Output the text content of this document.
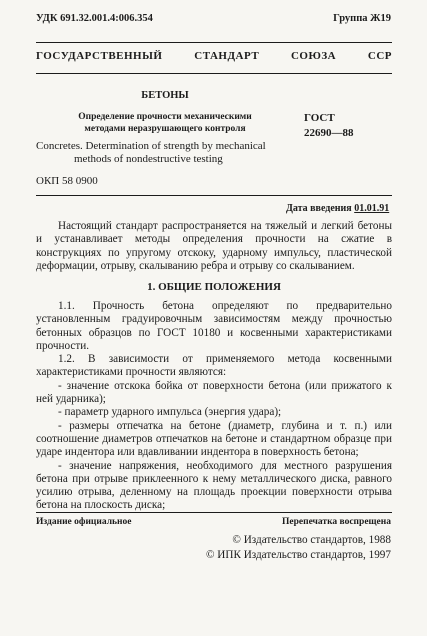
УДК 691.32.001.4:006.354	Группа Ж19
ГОСУДАРСТВЕННЫЙ СТАНДАРТ СОЮЗА ССР
БЕТОНЫ
Определение прочности механическими методами неразрушающего контроля
ГОСТ
22690—88
Concretes. Determination of strength by mechanical
methods of nondestructive testing
ОКП 58 0900
Дата введения 01.01.91

Настоящий стандарт распространяется на тяжелый и легкий бетоны и устанавливает методы определения прочности на сжатие в конструкциях по упругому отскоку, ударному импульсу, пластической деформации, отрыву, скалыванию ребра и отрыву со скалыванием.

1. ОБЩИЕ ПОЛОЖЕНИЯ

1.1. Прочность бетона определяют по предварительно установленным градуировочным зависимостям между прочностью бетонных образцов по ГОСТ 10180 и косвенными характеристиками прочности.

1.2. В зависимости от применяемого метода косвенными характеристиками прочности являются:

- значение отскока бойка от поверхности бетона (или прижатого к ней ударника);

- параметр ударного импульса (энергия удара);

- размеры отпечатка на бетоне (диаметр, глубина и т. п.) или соотношение диаметров отпечатков на бетоне и стандартном образце при ударе индентора или вдавливании индентора в поверхность бетона;

- значение напряжения, необходимого для местного разрушения бетона при отрыве приклеенного к нему металлического диска, равного усилию отрыва, деленному на площадь проекции поверхности отрыва бетона на плоскость диска;

Издание официальное	Перепечатка воспрещена
© Издательство стандартов, 1988
© ИПК Издательство стандартов, 1997
